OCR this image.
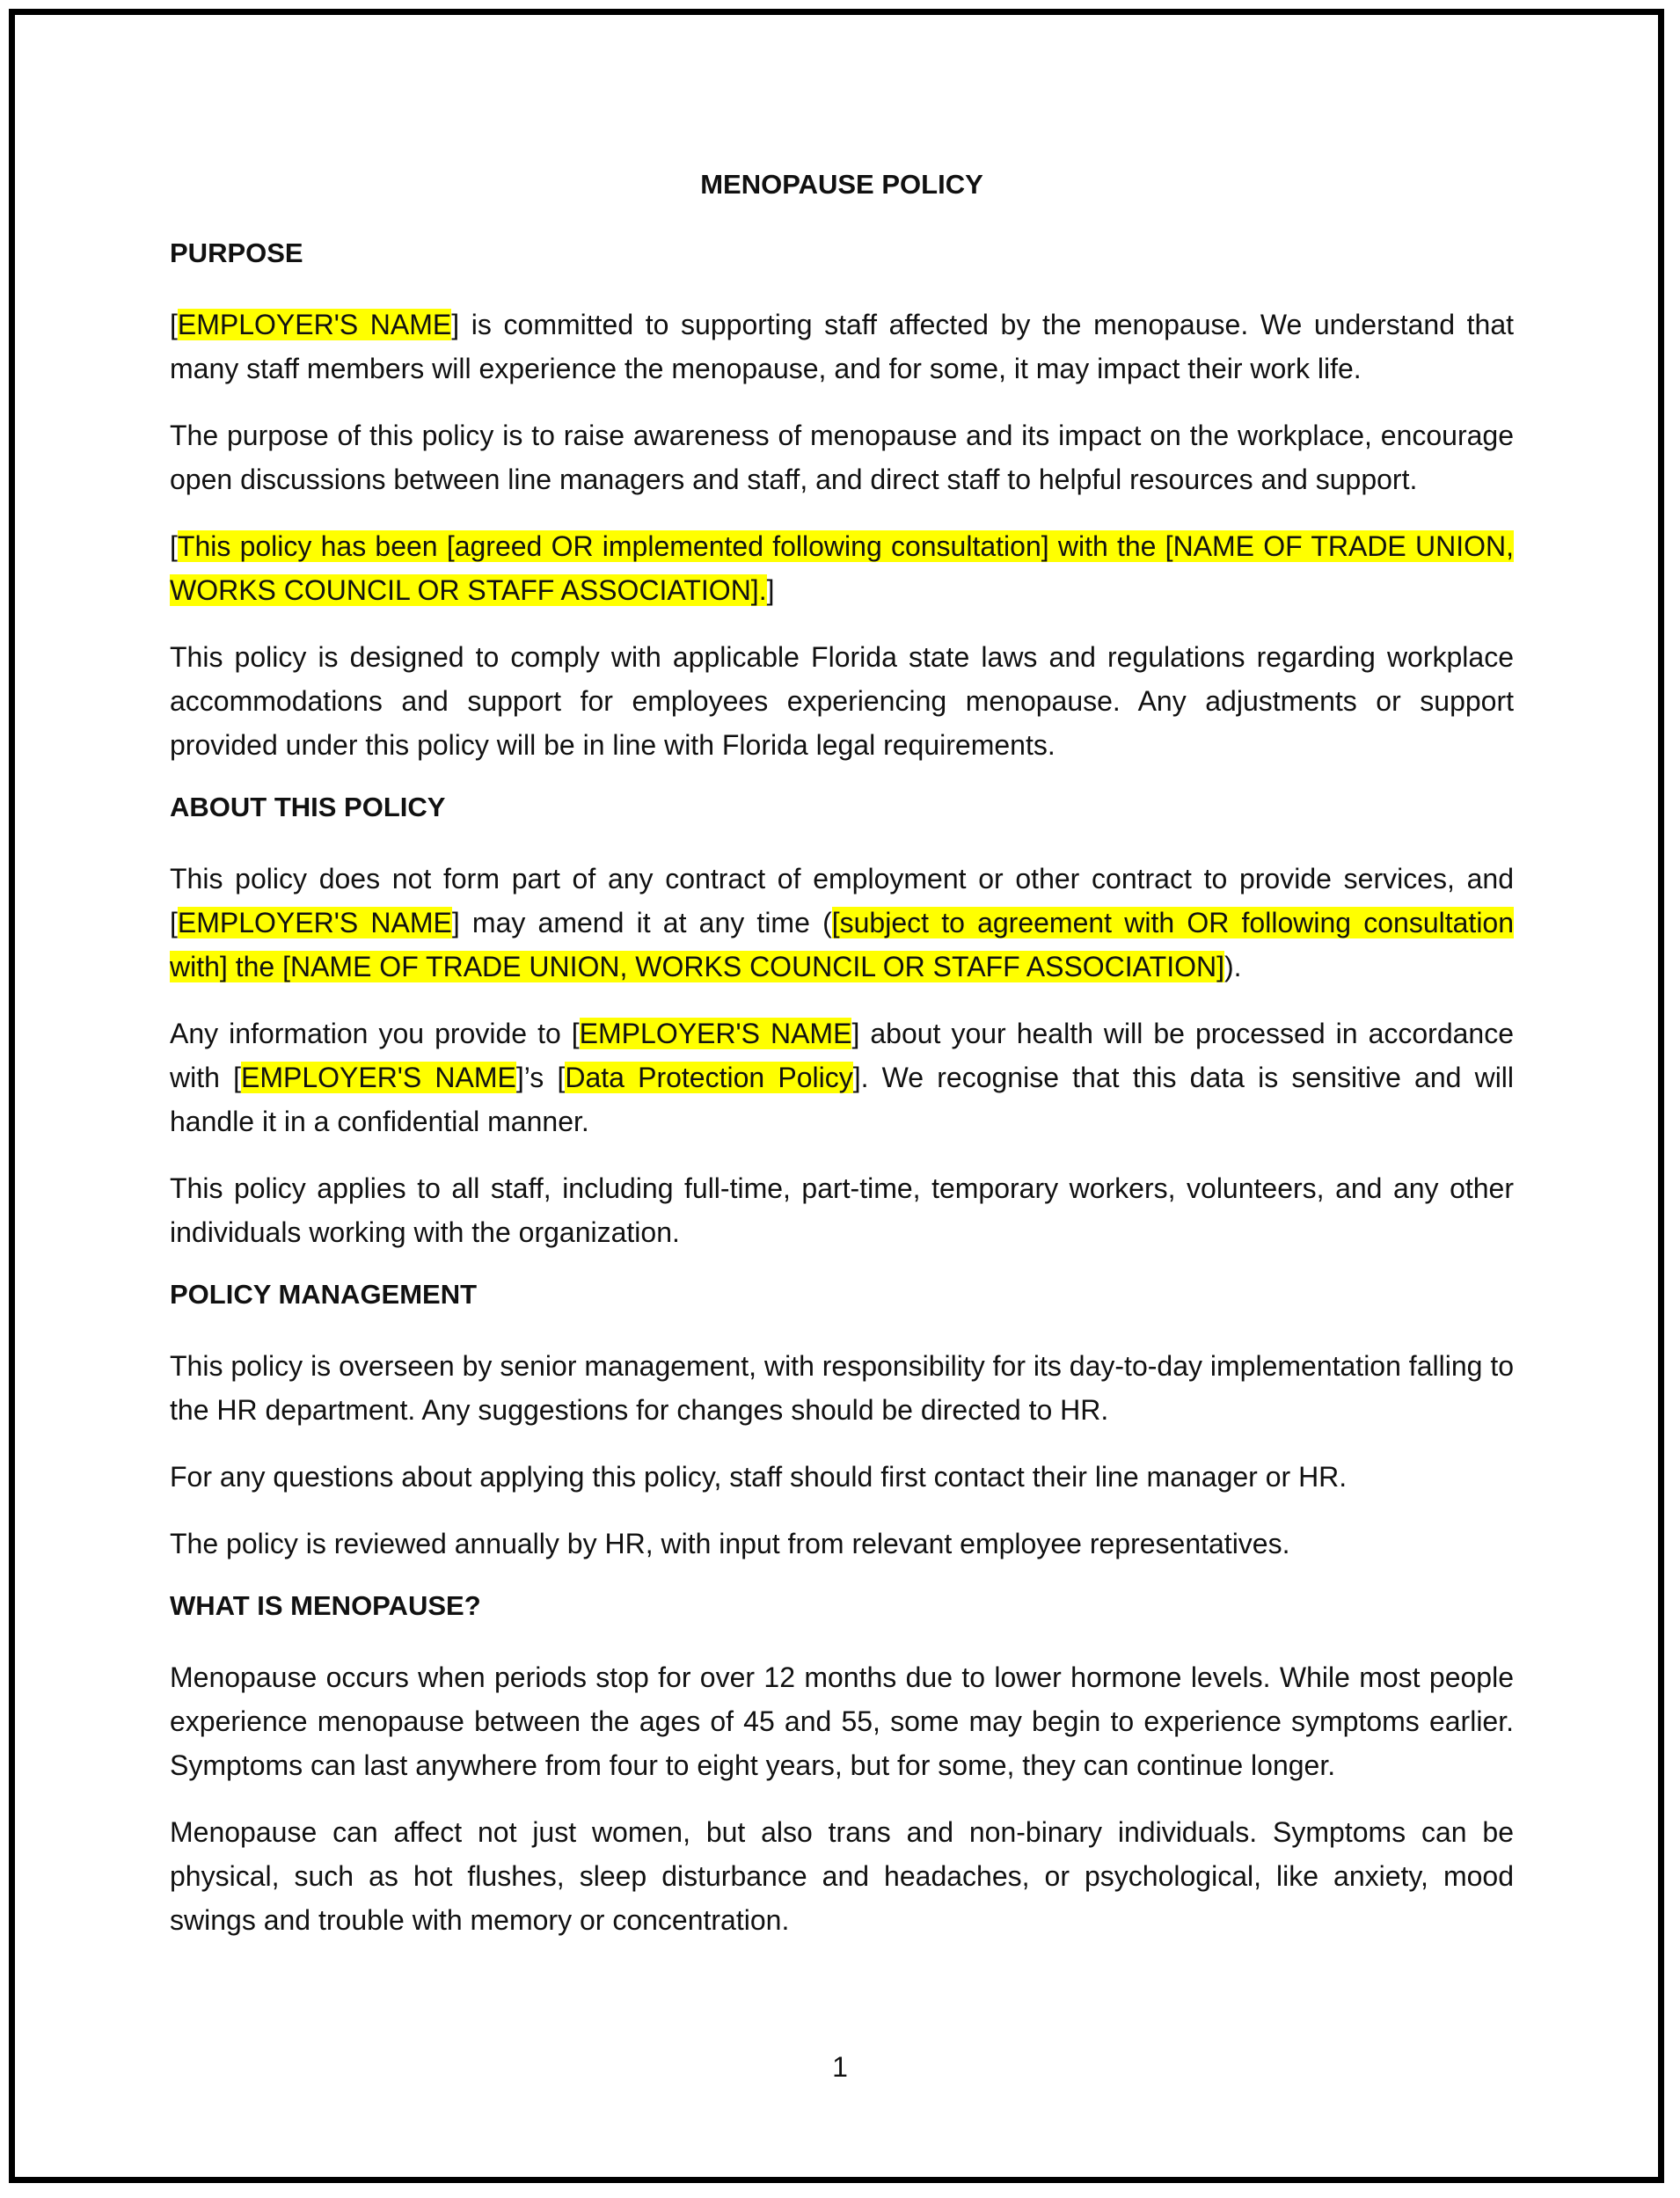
MENOPAUSE POLICY
PURPOSE

[EMPLOYER'S NAME] is committed to supporting staff affected by the menopause. We understand that many staff members will experience the menopause, and for some, it may impact their work life.

The purpose of this policy is to raise awareness of menopause and its impact on the workplace, encourage open discussions between line managers and staff, and direct staff to helpful resources and support.

[This policy has been [agreed OR implemented following consultation] with the [NAME OF TRADE UNION, WORKS COUNCIL OR STAFF ASSOCIATION].]

This policy is designed to comply with applicable Florida state laws and regulations regarding workplace accommodations and support for employees experiencing menopause. Any adjustments or support provided under this policy will be in line with Florida legal requirements.

ABOUT THIS POLICY

This policy does not form part of any contract of employment or other contract to provide services, and [EMPLOYER'S NAME] may amend it at any time ([subject to agreement with OR following consultation with] the [NAME OF TRADE UNION, WORKS COUNCIL OR STAFF ASSOCIATION]).

Any information you provide to [EMPLOYER'S NAME] about your health will be processed in accordance with [EMPLOYER'S NAME]’s [Data Protection Policy]. We recognise that this data is sensitive and will handle it in a confidential manner.

This policy applies to all staff, including full-time, part-time, temporary workers, volunteers, and any other individuals working with the organization.

POLICY MANAGEMENT

This policy is overseen by senior management, with responsibility for its day-to-day implementation falling to the HR department. Any suggestions for changes should be directed to HR.

For any questions about applying this policy, staff should first contact their line manager or HR.

The policy is reviewed annually by HR, with input from relevant employee representatives.

WHAT IS MENOPAUSE?

Menopause occurs when periods stop for over 12 months due to lower hormone levels. While most people experience menopause between the ages of 45 and 55, some may begin to experience symptoms earlier. Symptoms can last anywhere from four to eight years, but for some, they can continue longer.

Menopause can affect not just women, but also trans and non-binary individuals. Symptoms can be physical, such as hot flushes, sleep disturbance and headaches, or psychological, like anxiety, mood swings and trouble with memory or concentration.

1
